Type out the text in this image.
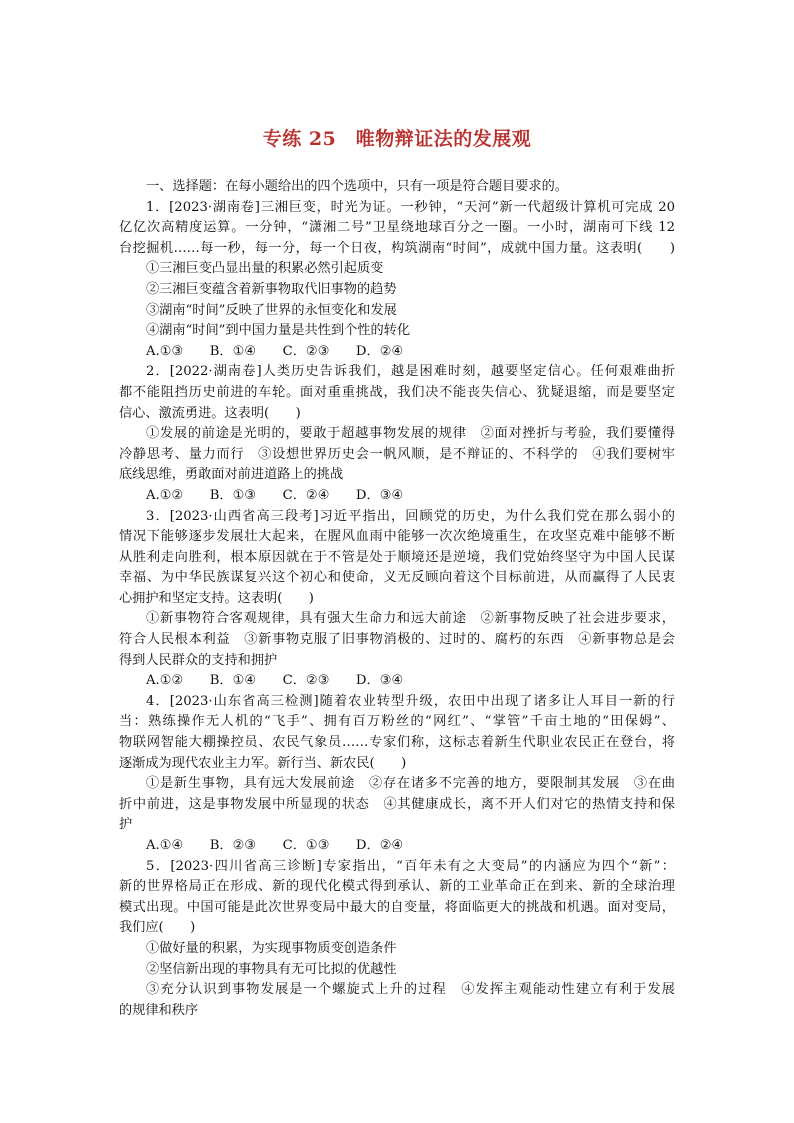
专练 25　唯物辩证法的发展观
一、选择题：在每小题给出的四个选项中，只有一项是符合题目要求的。
1．[2023·湖南卷]三湘巨变，时光为证。一秒钟，“天河”新一代超级计算机可完成 20
亿亿次高精度运算。一分钟，“潇湘二号”卫星绕地球百分之一圈。一小时，湖南可下线 12
台挖掘机……每一秒，每一分，每一个日夜，构筑湖南“时间”，成就中国力量。这表明(　　)
①三湘巨变凸显出量的积累必然引起质变
②三湘巨变蕴含着新事物取代旧事物的趋势
③湖南“时间”反映了世界的永恒变化和发展
④湖南“时间”到中国力量是共性到个性的转化
A.①③　　B．①④　　C．②③　　D．②④
2．[2022·湖南卷]人类历史告诉我们，越是困难时刻，越要坚定信心。任何艰难曲折
都不能阻挡历史前进的车轮。面对重重挑战，我们决不能丧失信心、犹疑退缩，而是要坚定
信心、激流勇进。这表明(　　)
①发展的前途是光明的，要敢于超越事物发展的规律　②面对挫折与考验，我们要懂得
冷静思考、量力而行　③设想世界历史会一帆风顺，是不辩证的、不科学的　④我们要树牢
底线思维，勇敢面对前进道路上的挑战
A.①②　　B．①③　　C．②④　　D．③④
3．[2023·山西省高三段考]习近平指出，回顾党的历史，为什么我们党在那么弱小的
情况下能够逐步发展壮大起来，在腥风血雨中能够一次次绝境重生，在攻坚克难中能够不断
从胜利走向胜利，根本原因就在于不管是处于顺境还是逆境，我们党始终坚守为中国人民谋
幸福、为中华民族谋复兴这个初心和使命，义无反顾向着这个目标前进，从而赢得了人民衷
心拥护和坚定支持。这表明(　　)
①新事物符合客观规律，具有强大生命力和远大前途　②新事物反映了社会进步要求，
符合人民根本利益　③新事物克服了旧事物消极的、过时的、腐朽的东西　④新事物总是会
得到人民群众的支持和拥护
A.①②　　B．①④　　C．②③　　D．③④
4．[2023·山东省高三检测]随着农业转型升级，农田中出现了诸多让人耳目一新的行
当：熟练操作无人机的“飞手”、拥有百万粉丝的“网红”、“掌管”千亩土地的“田保姆”、
物联网智能大棚操控员、农民气象员……专家们称，这标志着新生代职业农民正在登台，将
逐渐成为现代农业主力军。新行当、新农民(　　)
①是新生事物，具有远大发展前途　②存在诸多不完善的地方，要限制其发展　③在曲
折中前进，这是事物发展中所显现的状态　④其健康成长，离不开人们对它的热情支持和保
护
A.①④　　B．②③　　C．①③　　D．②④
5．[2023·四川省高三诊断]专家指出，“百年未有之大变局”的内涵应为四个“新”：
新的世界格局正在形成、新的现代化模式得到承认、新的工业革命正在到来、新的全球治理
模式出现。中国可能是此次世界变局中最大的自变量，将面临更大的挑战和机遇。面对变局，
我们应(　　)
①做好量的积累，为实现事物质变创造条件
②坚信新出现的事物具有无可比拟的优越性
③充分认识到事物发展是一个螺旋式上升的过程　④发挥主观能动性建立有利于发展
的规律和秩序
